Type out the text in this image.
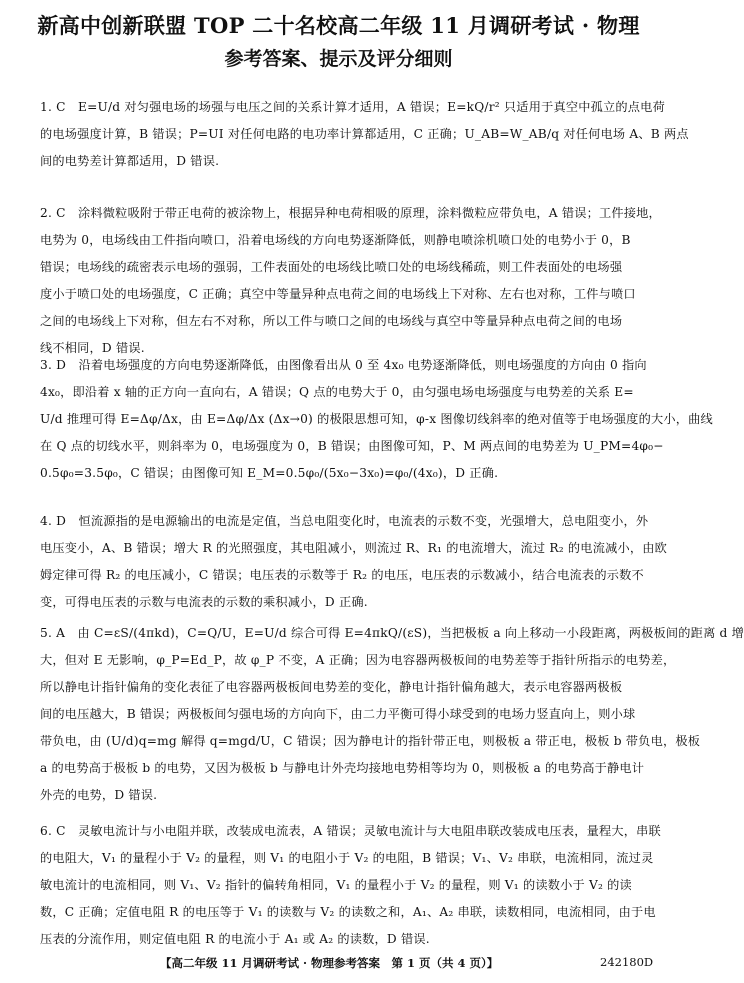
新高中创新联盟 TOP 二十名校高二年级 11 月调研考试 · 物理
参考答案、提示及评分细则
1. C　E=U/d 对匀强电场的场强与电压之间的关系计算才适用，A 错误；E=kQ/r² 只适用于真空中孤立的点电荷
的电场强度计算，B 错误；P=UI 对任何电路的电功率计算都适用，C 正确；U_AB=W_AB/q 对任何电场 A、B 两点
间的电势差计算都适用，D 错误.
2. C　涂料微粒吸附于带正电荷的被涂物上，根据异种电荷相吸的原理，涂料微粒应带负电，A 错误；工件接地，
电势为 0，电场线由工件指向喷口，沿着电场线的方向电势逐渐降低，则静电喷涂机喷口处的电势小于 0，B
错误；电场线的疏密表示电场的强弱，工件表面处的电场线比喷口处的电场线稀疏，则工件表面处的电场强
度小于喷口处的电场强度，C 正确；真空中等量异种点电荷之间的电场线上下对称、左右也对称，工件与喷口
之间的电场线上下对称，但左右不对称，所以工件与喷口之间的电场线与真空中等量异种点电荷之间的电场
线不相同，D 错误.
3. D　沿着电场强度的方向电势逐渐降低，由图像看出从 0 至 4x₀ 电势逐渐降低，则电场强度的方向由 0 指向
4x₀，即沿着 x 轴的正方向一直向右，A 错误；Q 点的电势大于 0，由匀强电场电场强度与电势差的关系 E=
U/d 推理可得 E=Δφ/Δx，由 E=Δφ/Δx (Δx→0) 的极限思想可知，φ-x 图像切线斜率的绝对值等于电场强度的大小，曲线
在 Q 点的切线水平，则斜率为 0，电场强度为 0，B 错误；由图像可知，P、M 两点间的电势差为 U_PM=4φ₀−
0.5φ₀=3.5φ₀，C 错误；由图像可知 E_M=0.5φ₀/(5x₀−3x₀)=φ₀/(4x₀)，D 正确.
4. D　恒流源指的是电源输出的电流是定值，当总电阻变化时，电流表的示数不变，光强增大，总电阻变小，外
电压变小，A、B 错误；增大 R 的光照强度，其电阻减小，则流过 R、R₁ 的电流增大，流过 R₂ 的电流减小，由欧
姆定律可得 R₂ 的电压减小，C 错误；电压表的示数等于 R₂ 的电压，电压表的示数减小，结合电流表的示数不
变，可得电压表的示数与电流表的示数的乘积减小，D 正确.
5. A　由 C=εS/(4πkd)，C=Q/U，E=U/d 综合可得 E=4πkQ/(εS)，当把极板 a 向上移动一小段距离，两极板间的距离 d 增
大，但对 E 无影响，φ_P=Ed_P，故 φ_P 不变，A 正确；因为电容器两极板间的电势差等于指针所指示的电势差，
所以静电计指针偏角的变化表征了电容器两极板间电势差的变化，静电计指针偏角越大，表示电容器两极板
间的电压越大，B 错误；两极板间匀强电场的方向向下，由二力平衡可得小球受到的电场力竖直向上，则小球
带负电，由 (U/d)q=mg 解得 q=mgd/U，C 错误；因为静电计的指针带正电，则极板 a 带正电，极板 b 带负电，极板
a 的电势高于极板 b 的电势，又因为极板 b 与静电计外壳均接地电势相等均为 0，则极板 a 的电势高于静电计
外壳的电势，D 错误.
6. C　灵敏电流计与小电阻并联，改装成电流表，A 错误；灵敏电流计与大电阻串联改装成电压表，量程大，串联
的电阻大，V₁ 的量程小于 V₂ 的量程，则 V₁ 的电阻小于 V₂ 的电阻，B 错误；V₁、V₂ 串联，电流相同，流过灵
敏电流计的电流相同，则 V₁、V₂ 指针的偏转角相同，V₁ 的量程小于 V₂ 的量程，则 V₁ 的读数小于 V₂ 的读
数，C 正确；定值电阻 R 的电压等于 V₁ 的读数与 V₂ 的读数之和，A₁、A₂ 串联，读数相同，电流相同，由于电
压表的分流作用，则定值电阻 R 的电流小于 A₁ 或 A₂ 的读数，D 错误.
【高二年级 11 月调研考试 · 物理参考答案　第 1 页（共 4 页）】	242180D
